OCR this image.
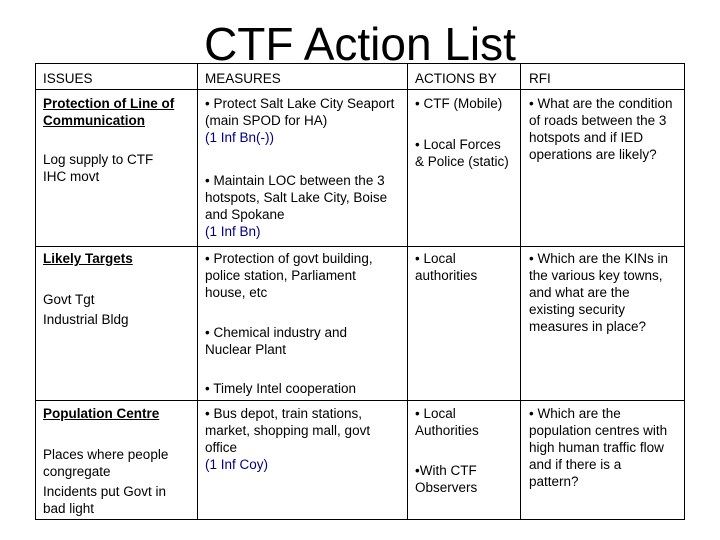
CTF Action List
ISSUES	MEASURES	ACTIONS BY RFI
Protection of Line of
Communication
Log supply to CTF
IHC movt
• Protect Salt Lake City Seaport
(main SPOD for HA)
(1 Inf Bn(-))
• Maintain LOC between the 3
hotspots, Salt Lake City, Boise
and Spokane
(1 Inf Bn)
• CTF (Mobile)
• Local Forces
& Police (static)
• What are the condition
of roads between the 3
hotspots and if IED
operations are likely?
Likely Targets
Govt Tgt
Industrial Bldg
• Protection of govt building,
police station, Parliament
house, etc
• Chemical industry and
Nuclear Plant
• Timely Intel cooperation
• Local
authorities
• Which are the KINs in
the various key towns,
and what are the
existing security
measures in place?
Population Centre
Places where people
congregate
Incidents put Govt in
bad light
• Bus depot, train stations,
market, shopping mall, govt
office
(1 Inf Coy)
• Local
Authorities
•With CTF
Observers
• Which are the
population centres with
high human traffic flow
and if there is a
pattern?
